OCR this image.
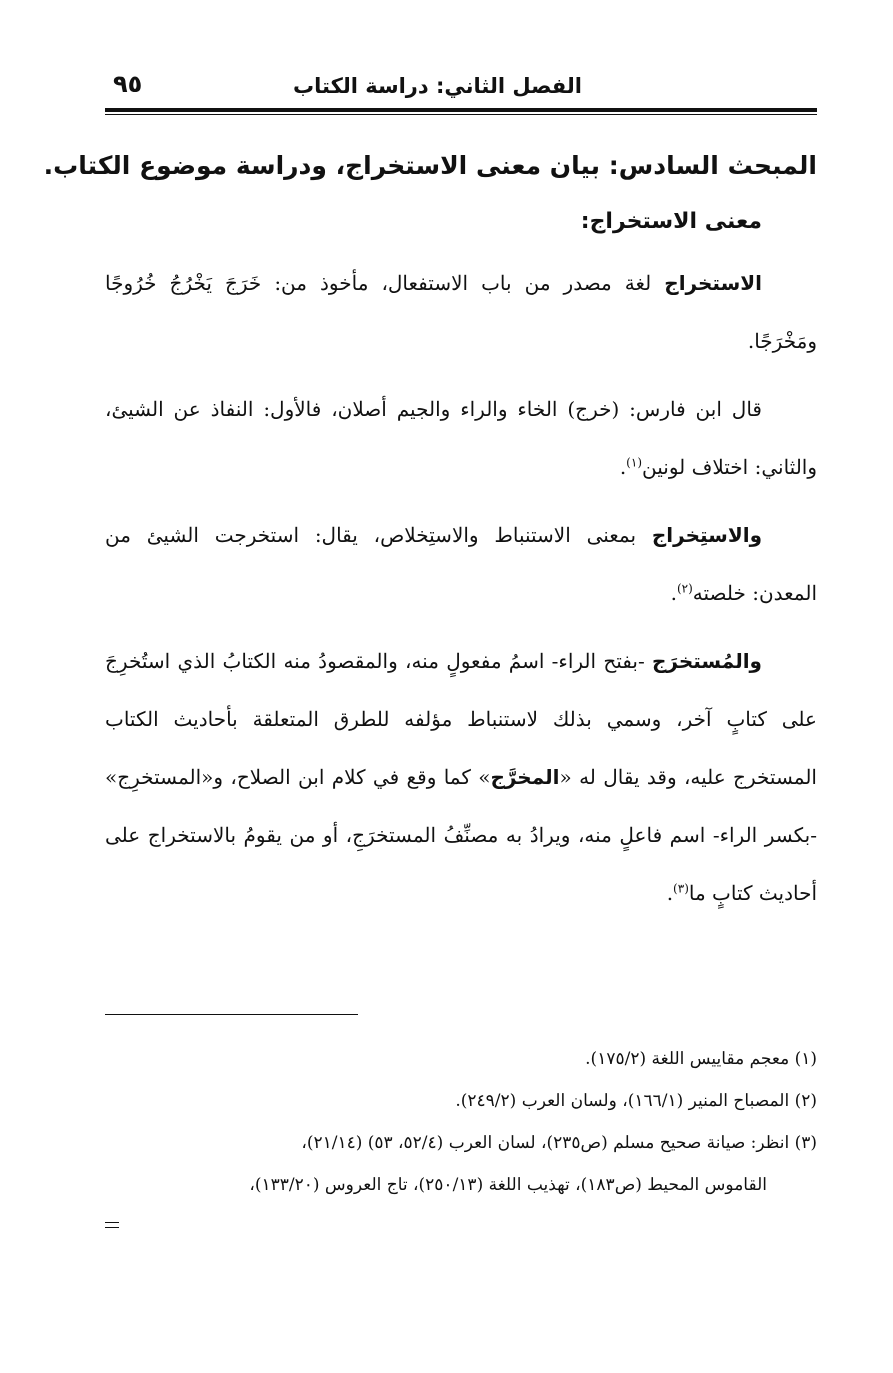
الفصل الثاني: دراسة الكتاب
٩٥
المبحث السادس: بيان معنى الاستخراج، ودراسة موضوع الكتاب.
معنى الاستخراج:

الاستخراج لغة مصدر من باب الاستفعال، مأخوذ من: خَرَجَ يَخْرُجُ خُرُوجًا ومَخْرَجًا.

قال ابن فارس: (خرج) الخاء والراء والجيم أصلان، فالأول: النفاذ عن الشيئ، والثاني: اختلاف لونين$^{(١)}$.

والاستِخراج بمعنى الاستنباط والاستِخلاص، يقال: استخرجت الشيئ من المعدن: خلصته$^{(٢)}$.

والمُستخرَج -بفتح الراء- اسمُ مفعولٍ منه، والمقصودُ منه الكتابُ الذي استُخرِجَ على كتابٍ آخر، وسمي بذلك لاستنباط مؤلفه للطرق المتعلقة بأحاديث الكتاب المستخرج عليه، وقد يقال له «المخرَّج» كما وقع في كلام ابن الصلاح، و«المستخرِج» -بكسر الراء- اسم فاعلٍ منه، ويرادُ به مصنِّفُ المستخرَجِ، أو من يقومُ بالاستخراج على أحاديث كتابٍ ما$^{(٣)}$.

(١) معجم مقاييس اللغة (١٧٥/٢).

(٢) المصباح المنير (١٦٦/١)، ولسان العرب (٢٤٩/٢).

(٣) انظر: صيانة صحيح مسلم (ص٢٣٥)، لسان العرب (٥٢/٤، ٥٣) (٢١/١٤)،

القاموس المحيط (ص١٨٣)، تهذيب اللغة (٢٥٠/١٣)، تاج العروس (١٣٣/٢٠)،
